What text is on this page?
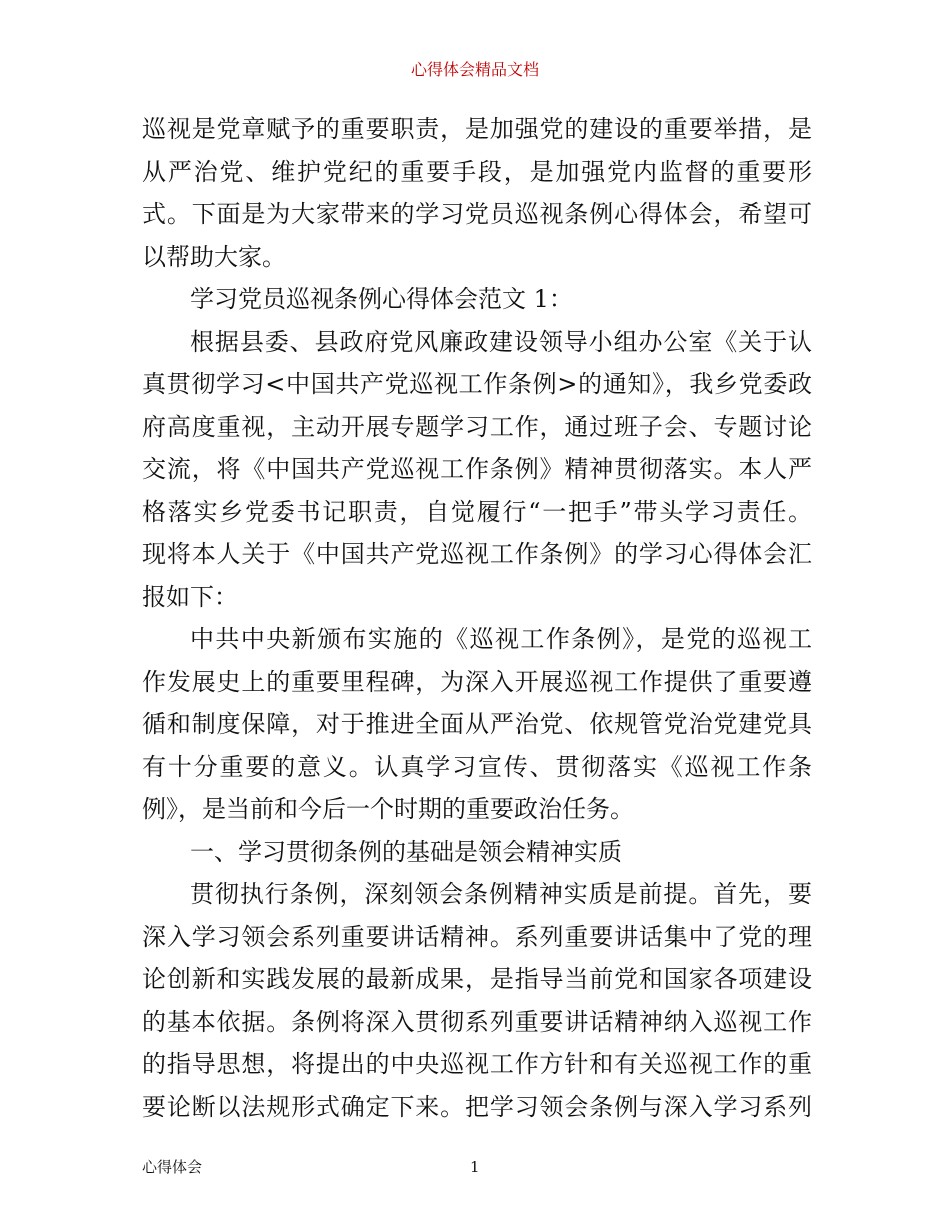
心得体会精品文档
巡视是党章赋予的重要职责，是加强党的建设的重要举措，是
从严治党、维护党纪的重要手段，是加强党内监督的重要形
式。下面是为大家带来的学习党员巡视条例心得体会，希望可
以帮助大家。
学习党员巡视条例心得体会范文 1：
根据县委、县政府党风廉政建设领导小组办公室《关于认
真贯彻学习<中国共产党巡视工作条例>的通知》，我乡党委政
府高度重视，主动开展专题学习工作，通过班子会、专题讨论
交流，将《中国共产党巡视工作条例》精神贯彻落实。本人严
格落实乡党委书记职责，自觉履行“一把手”带头学习责任。
现将本人关于《中国共产党巡视工作条例》的学习心得体会汇
报如下：
中共中央新颁布实施的《巡视工作条例》，是党的巡视工
作发展史上的重要里程碑，为深入开展巡视工作提供了重要遵
循和制度保障，对于推进全面从严治党、依规管党治党建党具
有十分重要的意义。认真学习宣传、贯彻落实《巡视工作条
例》，是当前和今后一个时期的重要政治任务。
一、学习贯彻条例的基础是领会精神实质
贯彻执行条例，深刻领会条例精神实质是前提。首先，要
深入学习领会系列重要讲话精神。系列重要讲话集中了党的理
论创新和实践发展的最新成果，是指导当前党和国家各项建设
的基本依据。条例将深入贯彻系列重要讲话精神纳入巡视工作
的指导思想，将提出的中央巡视工作方针和有关巡视工作的重
要论断以法规形式确定下来。把学习领会条例与深入学习系列
心得体会	1
